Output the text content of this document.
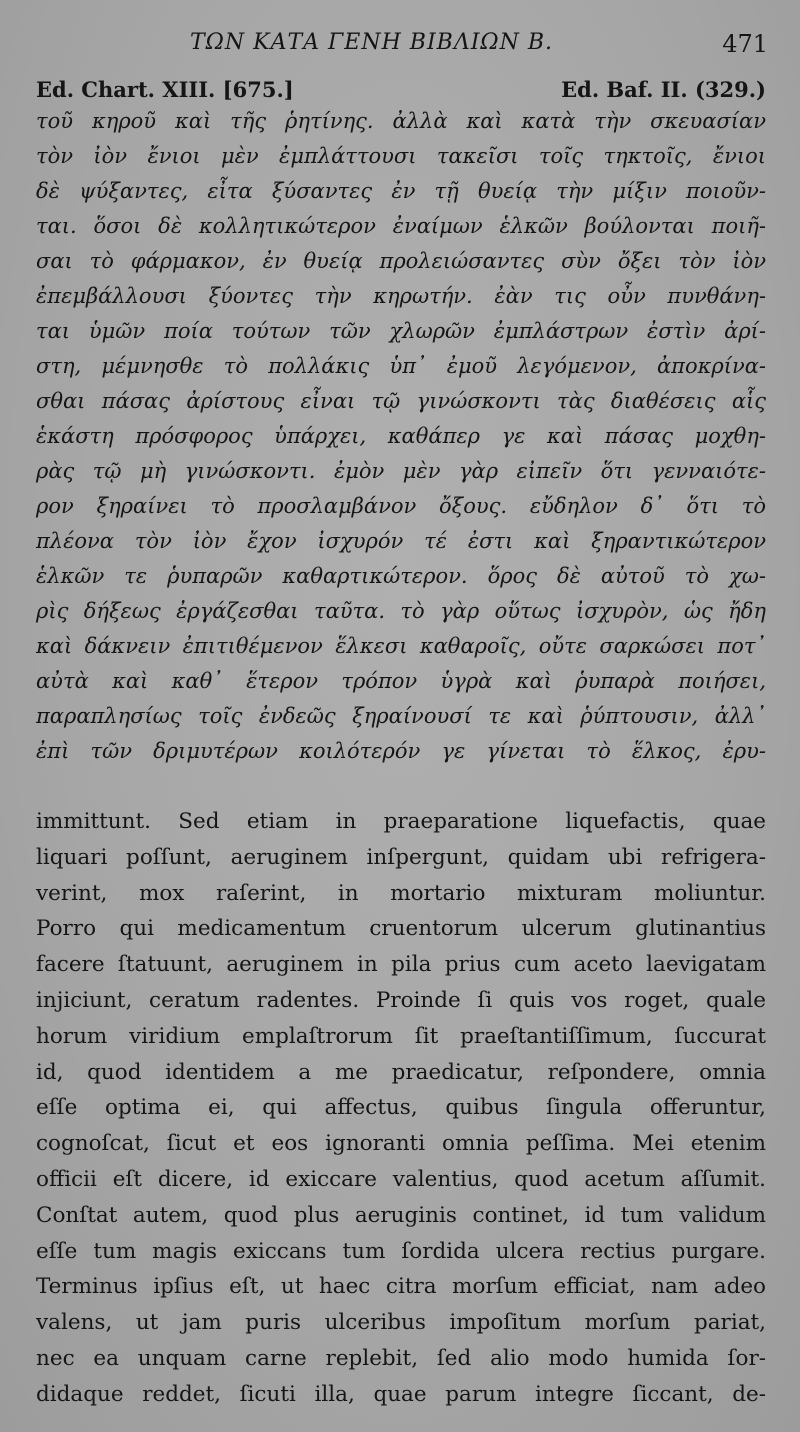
ΤΩΝ ΚΑΤΑ ΓΕΝΗ ΒΙΒΛΙΩΝ Β.	471
Ed. Chart. XIII. [675.]	Ed. Baf. II. (329.)
τοῦ κηροῦ καὶ τῆς ῥητίνης. ἀλλὰ καὶ κατὰ τὴν σκευασίαν
τὸν ἰὸν ἔνιοι μὲν ἐμπλάττουσι τακεῖσι τοῖς τηκτοῖς, ἔνιοι
δὲ ψύξαντες, εἶτα ξύσαντες ἐν τῇ θυείᾳ τὴν μίξιν ποιοῦν-
ται. ὅσοι δὲ κολλητικώτερον ἐναίμων ἑλκῶν βούλονται ποιῆ-
σαι τὸ φάρμακον, ἐν θυείᾳ προλειώσαντες σὺν ὄξει τὸν ἰὸν
ἐπεμβάλλουσι ξύοντες τὴν κηρωτήν. ἐὰν τις οὖν πυνθάνη-
ται ὑμῶν ποία τούτων τῶν χλωρῶν ἐμπλάστρων ἐστὶν ἀρί-
στη, μέμνησθε τὸ πολλάκις ὑπ᾽ ἐμοῦ λεγόμενον, ἀποκρίνα-
σθαι πάσας ἀρίστους εἶναι τῷ γινώσκοντι τὰς διαθέσεις αἷς
ἑκάστη πρόσφορος ὑπάρχει, καθάπερ γε καὶ πάσας μοχθη-
ρὰς τῷ μὴ γινώσκοντι. ἐμὸν μὲν γὰρ εἰπεῖν ὅτι γενναιότε-
ρον ξηραίνει τὸ προσλαμβάνον ὄξους. εὔδηλον δ᾽ ὅτι τὸ
πλέονα τὸν ἰὸν ἔχον ἰσχυρόν τέ ἐστι καὶ ξηραντικώτερον
ἑλκῶν τε ῥυπαρῶν καθαρτικώτερον. ὅρος δὲ αὐτοῦ τὸ χω-
ρὶς δήξεως ἐργάζεσθαι ταῦτα. τὸ γὰρ οὕτως ἰσχυρὸν, ὡς ἤδη
καὶ δάκνειν ἐπιτιθέμενον ἕλκεσι καθαροῖς, οὔτε σαρκώσει ποτ᾽
αὐτὰ καὶ καθ᾽ ἕτερον τρόπον ὑγρὰ καὶ ῥυπαρὰ ποιήσει,
παραπλησίως τοῖς ἐνδεῶς ξηραίνουσί τε καὶ ῥύπτουσιν, ἀλλ᾽
ἐπὶ τῶν δριμυτέρων κοιλότερόν γε γίνεται τὸ ἕλκος, ἐρυ-
immittunt. Sed etiam in praeparatione liquefactis, quae
liquari poſſunt, aeruginem inſpergunt, quidam ubi refrigera-
verint, mox raſerint, in mortario mixturam moliuntur.
Porro qui medicamentum cruentorum ulcerum glutinantius
facere ſtatuunt, aeruginem in pila prius cum aceto laevigatam
injiciunt, ceratum radentes. Proinde ſi quis vos roget, quale
horum viridium emplaſtrorum ſit praeſtantiſſimum, ſuccurat
id, quod identidem a me praedicatur, reſpondere, omnia
eſſe optima ei, qui affectus, quibus ſingula offeruntur,
cognoſcat, ſicut et eos ignoranti omnia peſſima. Mei etenim
officii eſt dicere, id exiccare valentius, quod acetum aſſumit.
Conſtat autem, quod plus aeruginis continet, id tum validum
eſſe tum magis exiccans tum ſordida ulcera rectius purgare.
Terminus ipſius eſt, ut haec citra morſum efficiat, nam adeo
valens, ut jam puris ulceribus impoſitum morſum pariat,
nec ea unquam carne replebit, ſed alio modo humida ſor-
didaque reddet, ſicuti illa, quae parum integre ſiccant, de-
